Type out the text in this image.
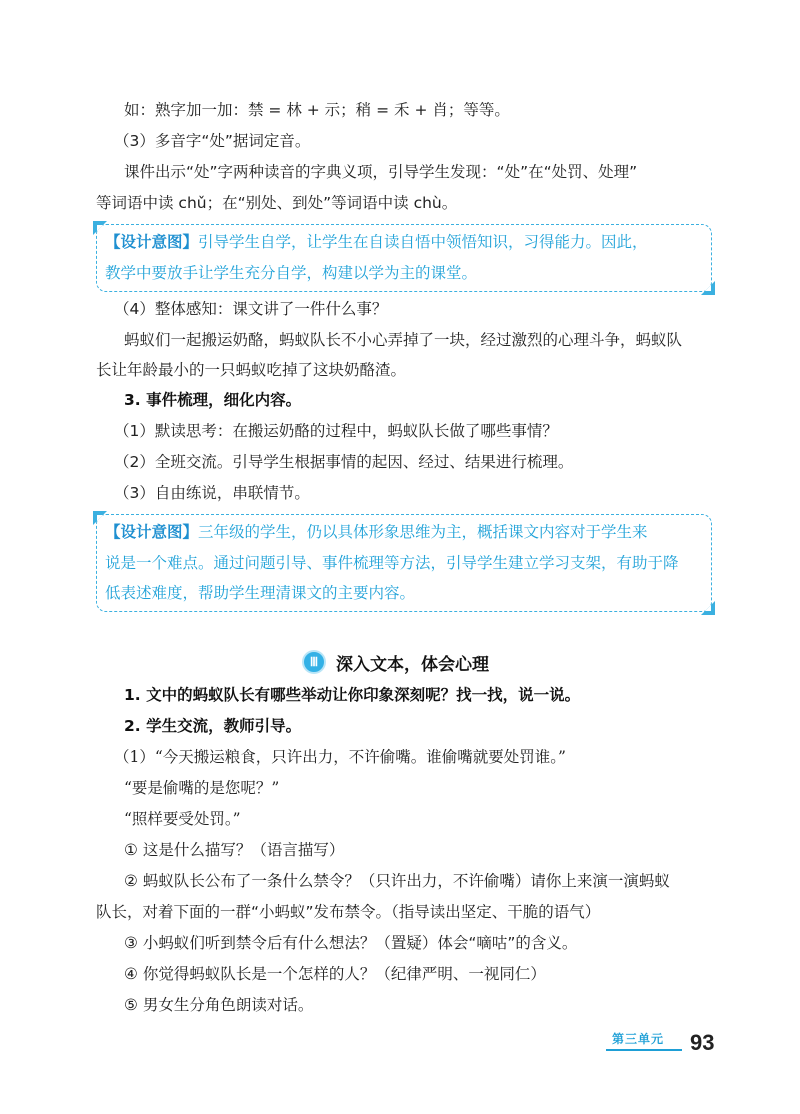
如：熟字加一加：禁 = 林 + 示；稍 = 禾 + 肖；等等。
（3）多音字“处”据词定音。
课件出示“处”字两种读音的字典义项，引导学生发现：“处”在“处罚、处理”
等词语中读 chǔ；在“别处、到处”等词语中读 chù。
【设计意图】引导学生自学，让学生在自读自悟中领悟知识，习得能力。因此，
教学中要放手让学生充分自学，构建以学为主的课堂。
（4）整体感知：课文讲了一件什么事？
蚂蚁们一起搬运奶酪，蚂蚁队长不小心弄掉了一块，经过激烈的心理斗争，蚂蚁队
长让年龄最小的一只蚂蚁吃掉了这块奶酪渣。
3. 事件梳理，细化内容。
（1）默读思考：在搬运奶酪的过程中，蚂蚁队长做了哪些事情？
（2）全班交流。引导学生根据事情的起因、经过、结果进行梳理。
（3）自由练说，串联情节。
【设计意图】三年级的学生，仍以具体形象思维为主，概括课文内容对于学生来
说是一个难点。通过问题引导、事件梳理等方法，引导学生建立学习支架，有助于降
低表述难度，帮助学生理清课文的主要内容。
Ⅲ	深入文本，体会心理
1. 文中的蚂蚁队长有哪些举动让你印象深刻呢？找一找，说一说。
2. 学生交流，教师引导。
（1）“今天搬运粮食，只许出力，不许偷嘴。谁偷嘴就要处罚谁。”
“要是偷嘴的是您呢？”
“照样要受处罚。”
① 这是什么描写？（语言描写）
② 蚂蚁队长公布了一条什么禁令？（只许出力，不许偷嘴）请你上来演一演蚂蚁
队长，对着下面的一群“小蚂蚁”发布禁令。（指导读出坚定、干脆的语气）
③ 小蚂蚁们听到禁令后有什么想法？（置疑）体会“嘀咕”的含义。
④ 你觉得蚂蚁队长是一个怎样的人？（纪律严明、一视同仁）
⑤ 男女生分角色朗读对话。
第三单元 93
